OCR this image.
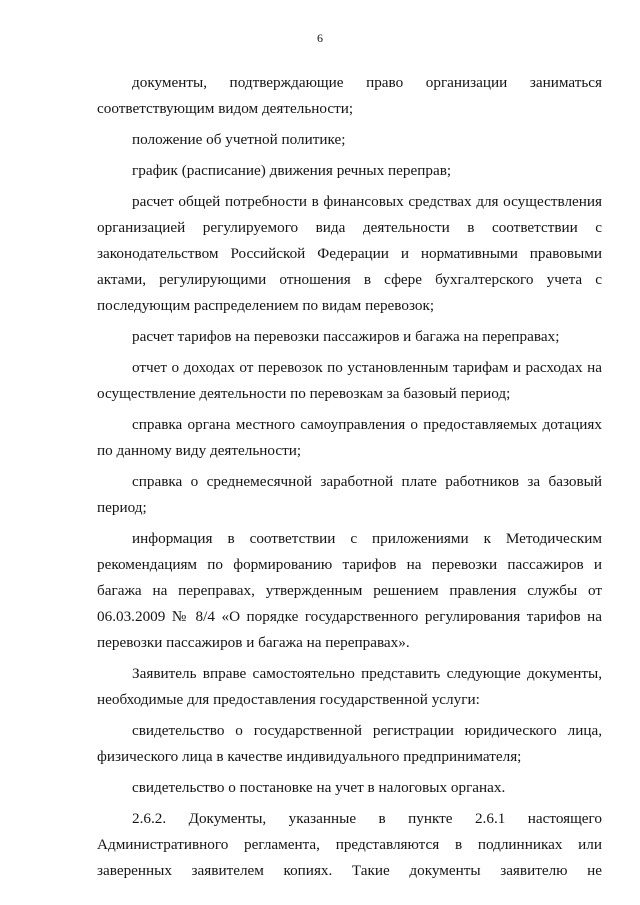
6

документы, подтверждающие право организации заниматься соответствующим видом деятельности;

положение об учетной политике;

график (расписание) движения речных переправ;

расчет общей потребности в финансовых средствах для осуществления организацией регулируемого вида деятельности в соответствии с законодательством Российской Федерации и нормативными правовыми актами, регулирующими отношения в сфере бухгалтерского учета с последующим распределением по видам перевозок;

расчет тарифов на перевозки пассажиров и багажа на переправах;

отчет о доходах от перевозок по установленным тарифам и расходах на осуществление деятельности по перевозкам за базовый период;

справка органа местного самоуправления о предоставляемых дотациях по данному виду деятельности;

справка о среднемесячной заработной плате работников за базовый период;

информация в соответствии с приложениями к Методическим рекомендациям по формированию тарифов на перевозки пассажиров и багажа на переправах, утвержденным решением правления службы от 06.03.2009 № 8/4 «О порядке государственного регулирования тарифов на перевозки пассажиров и багажа на переправах».

Заявитель вправе самостоятельно представить следующие документы, необходимые для предоставления государственной услуги:

свидетельство о государственной регистрации юридического лица, физического лица в качестве индивидуального предпринимателя;

свидетельство о постановке на учет в налоговых органах.

2.6.2. Документы, указанные в пункте 2.6.1 настоящего Административного регламента, представляются в подлинниках или заверенных заявителем копиях. Такие документы заявителю не
